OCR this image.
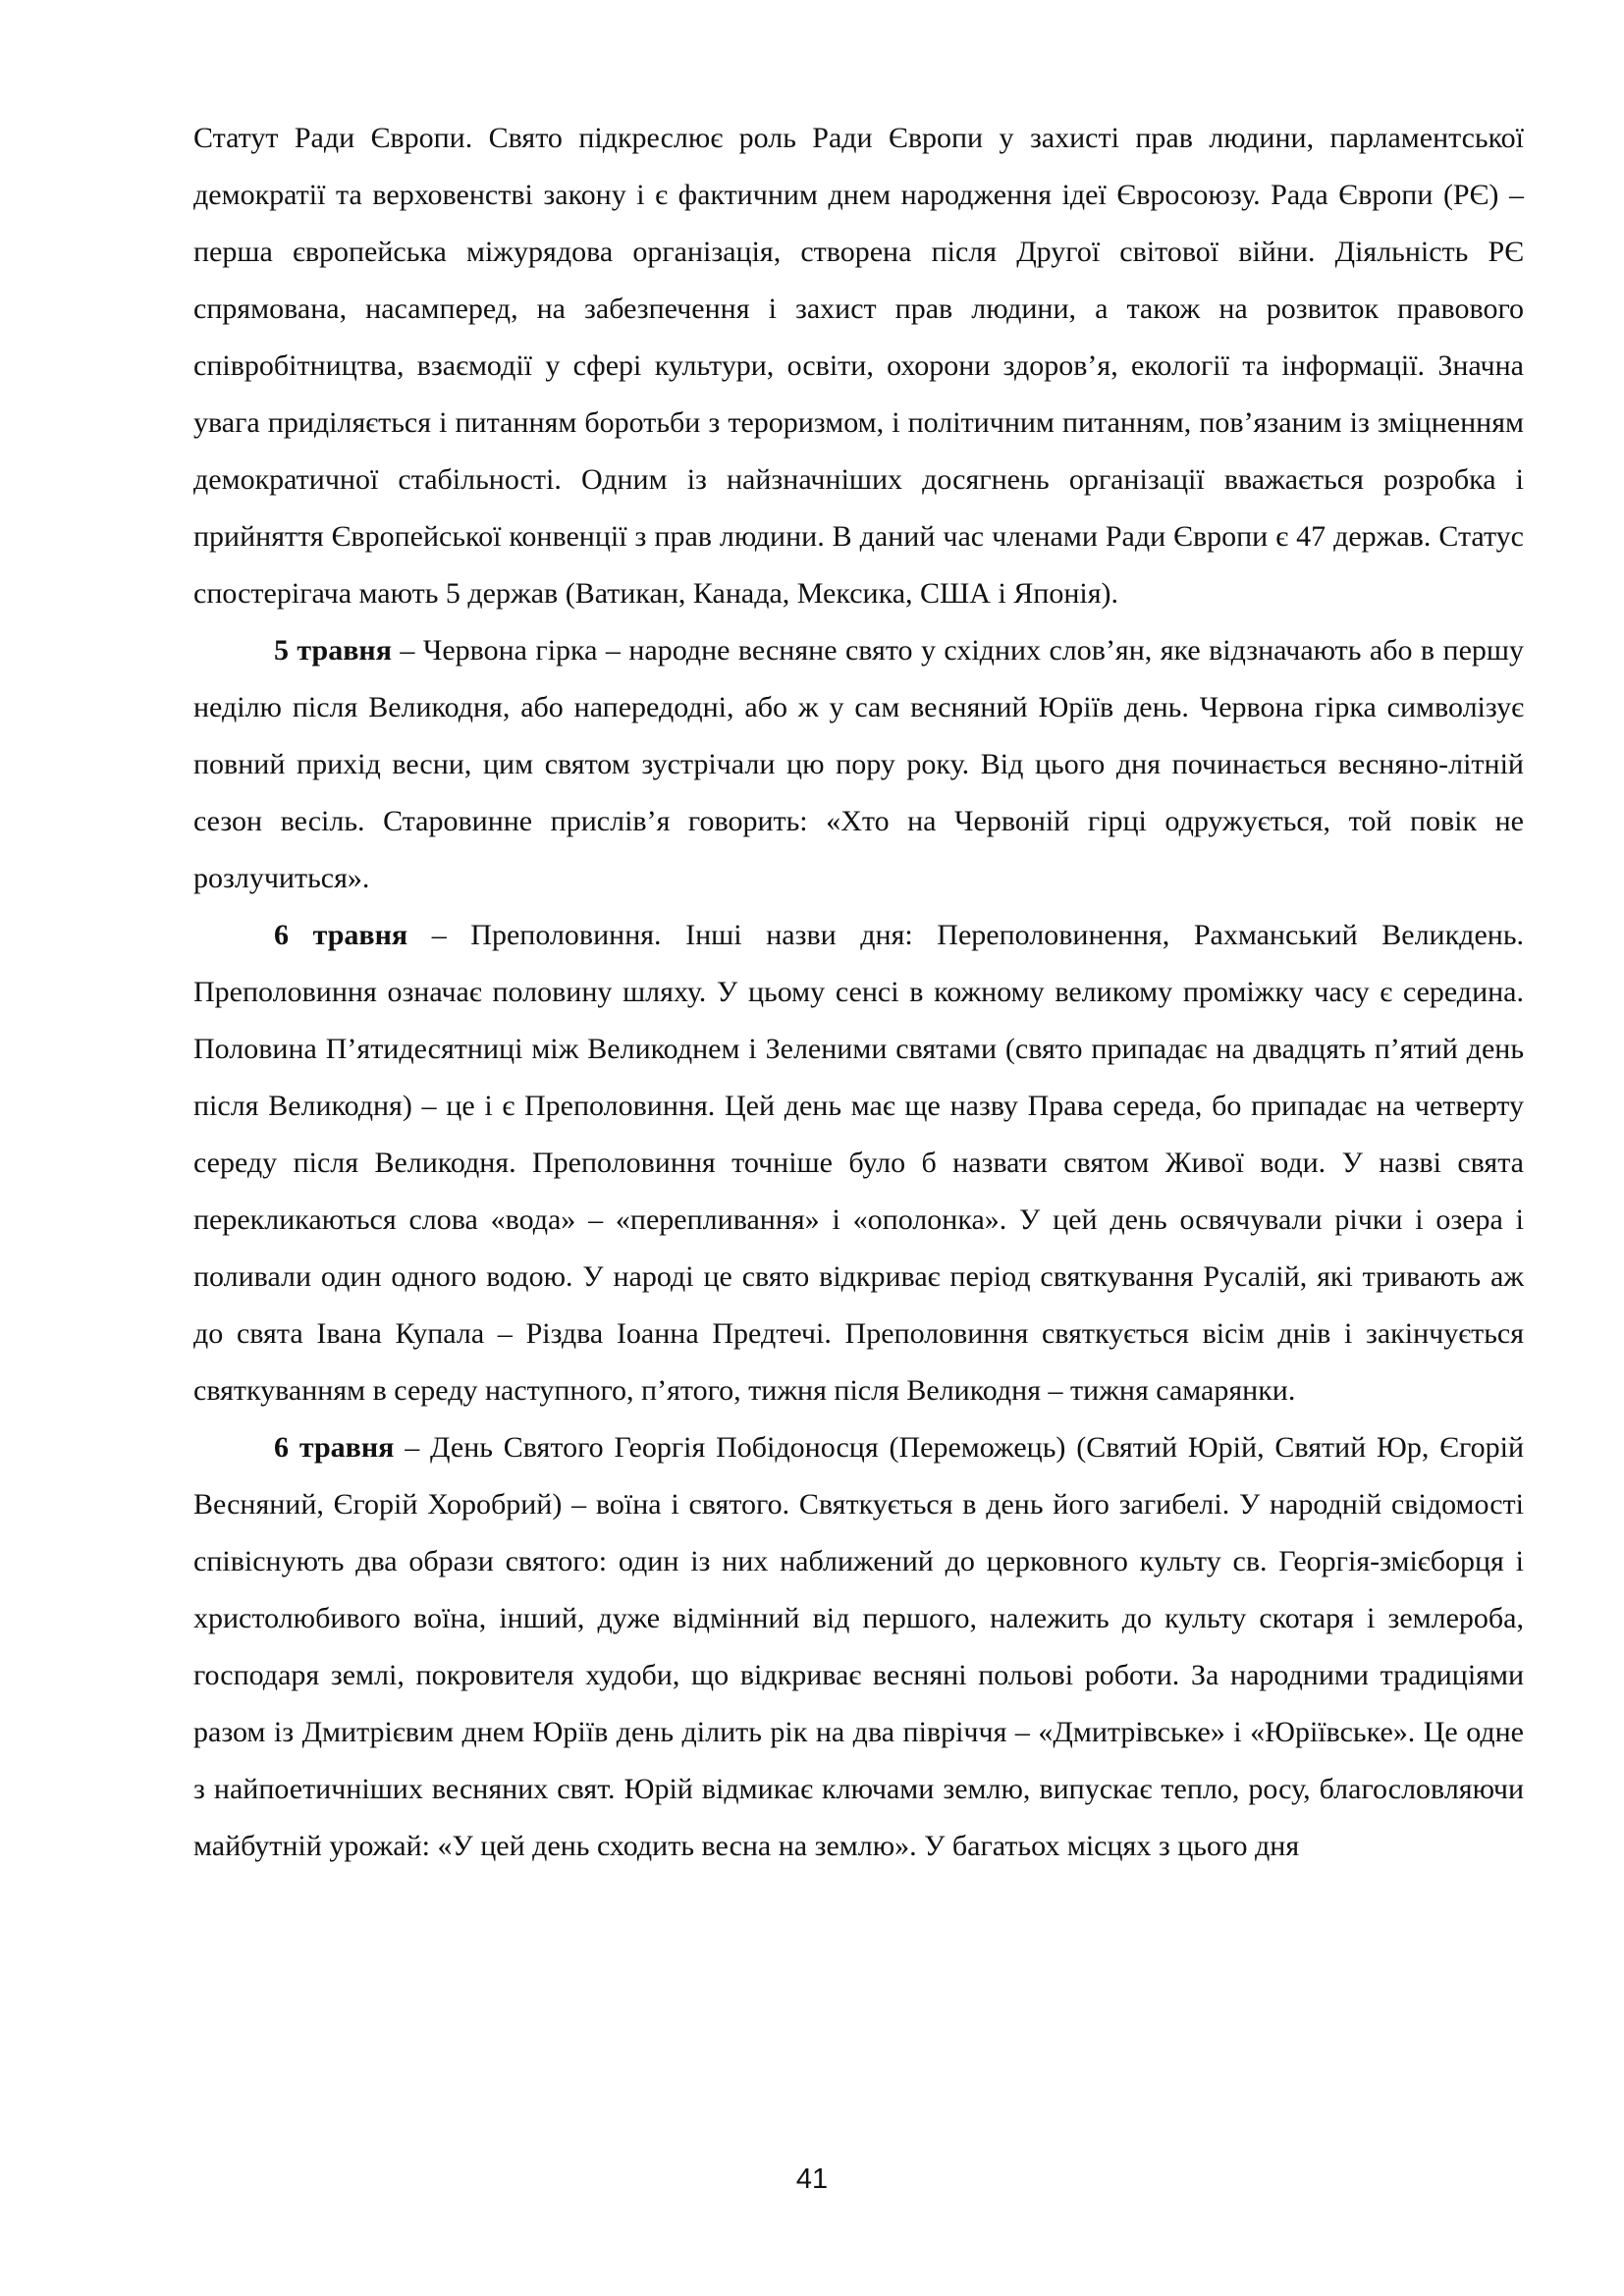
Статут Ради Європи. Свято підкреслює роль Ради Європи у захисті прав людини, парламентської демократії та верховенстві закону і є фактичним днем народження ідеї Євросоюзу. Рада Європи (РЄ) – перша європейська міжурядова організація, створена після Другої світової війни. Діяльність РЄ спрямована, насамперед, на забезпечення і захист прав людини, а також на розвиток правового співробітництва, взаємодії у сфері культури, освіти, охорони здоров’я, екології та інформації. Значна увага приділяється і питанням боротьби з тероризмом, і політичним питанням, пов’язаним із зміцненням демократичної стабільності. Одним із найзначніших досягнень організації вважається розробка і прийняття Європейської конвенції з прав людини. В даний час членами Ради Європи є 47 держав. Статус спостерігача мають 5 держав (Ватикан, Канада, Мексика, США і Японія).

5 травня – Червона гірка – народне весняне свято у східних слов’ян, яке відзначають або в першу неділю після Великодня, або напередодні, або ж у сам весняний Юріїв день. Червона гірка символізує повний прихід весни, цим святом зустрічали цю пору року. Від цього дня починається весняно-літній сезон весіль. Старовинне прислів’я говорить: «Хто на Червоній гірці одружується, той повік не розлучиться».

6 травня – Преполовиння. Інші назви дня: Переполовинення, Рахманський Великдень. Преполовиння означає половину шляху. У цьому сенсі в кожному великому проміжку часу є середина. Половина П’ятидесятниці між Великоднем і Зеленими святами (свято припадає на двадцять п’ятий день після Великодня) – це і є Преполовиння. Цей день має ще назву Права середа, бо припадає на четверту середу після Великодня. Преполовиння точніше було б назвати святом Живої води. У назві свята перекликаються слова «вода» – «перепливання» і «ополонка». У цей день освячували річки і озера і поливали один одного водою. У народі це свято відкриває період святкування Русалій, які тривають аж до свята Івана Купала – Різдва Іоанна Предтечі. Преполовиння святкується вісім днів і закінчується святкуванням в середу наступного, п’ятого, тижня після Великодня – тижня самарянки.

6 травня – День Святого Георгія Побідоносця (Переможець) (Святий Юрій, Святий Юр, Єгорій Весняний, Єгорій Хоробрий) – воїна і святого. Святкується в день його загибелі. У народній свідомості співіснують два образи святого: один із них наближений до церковного культу св. Георгія-змієборця і христолюбивого воїна, інший, дуже відмінний від першого, належить до культу скотаря і землероба, господаря землі, покровителя худоби, що відкриває весняні польові роботи. За народними традиціями разом із Дмитрієвим днем Юріїв день ділить рік на два півріччя – «Дмитрівське» і «Юріївське». Це одне з найпоетичніших весняних свят. Юрій відмикає ключами землю, випускає тепло, росу, благословляючи майбутній урожай: «У цей день сходить весна на землю». У багатьох місцях з цього дня

41
